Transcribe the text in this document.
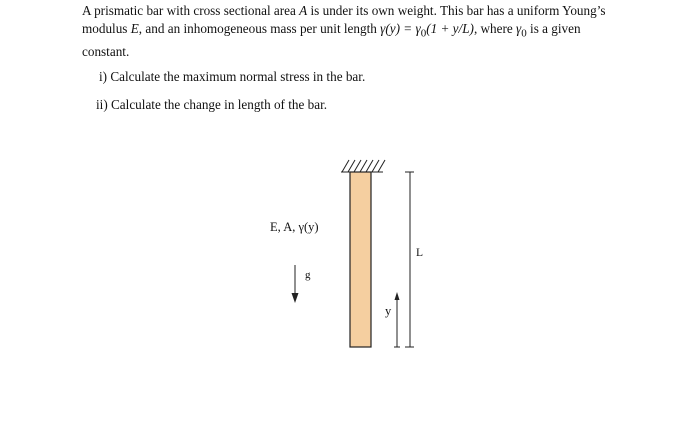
A prismatic bar with cross sectional area A is under its own weight. This bar has a uniform Young’s modulus E, and an inhomogeneous mass per unit length $\gamma(y) = \gamma_0(1 + y/L)$, where $\gamma_0$ is a given constant.

i) Calculate the maximum normal stress in the bar.

ii) Calculate the change in length of the bar.

E, A, γ(y)

g

y

L
